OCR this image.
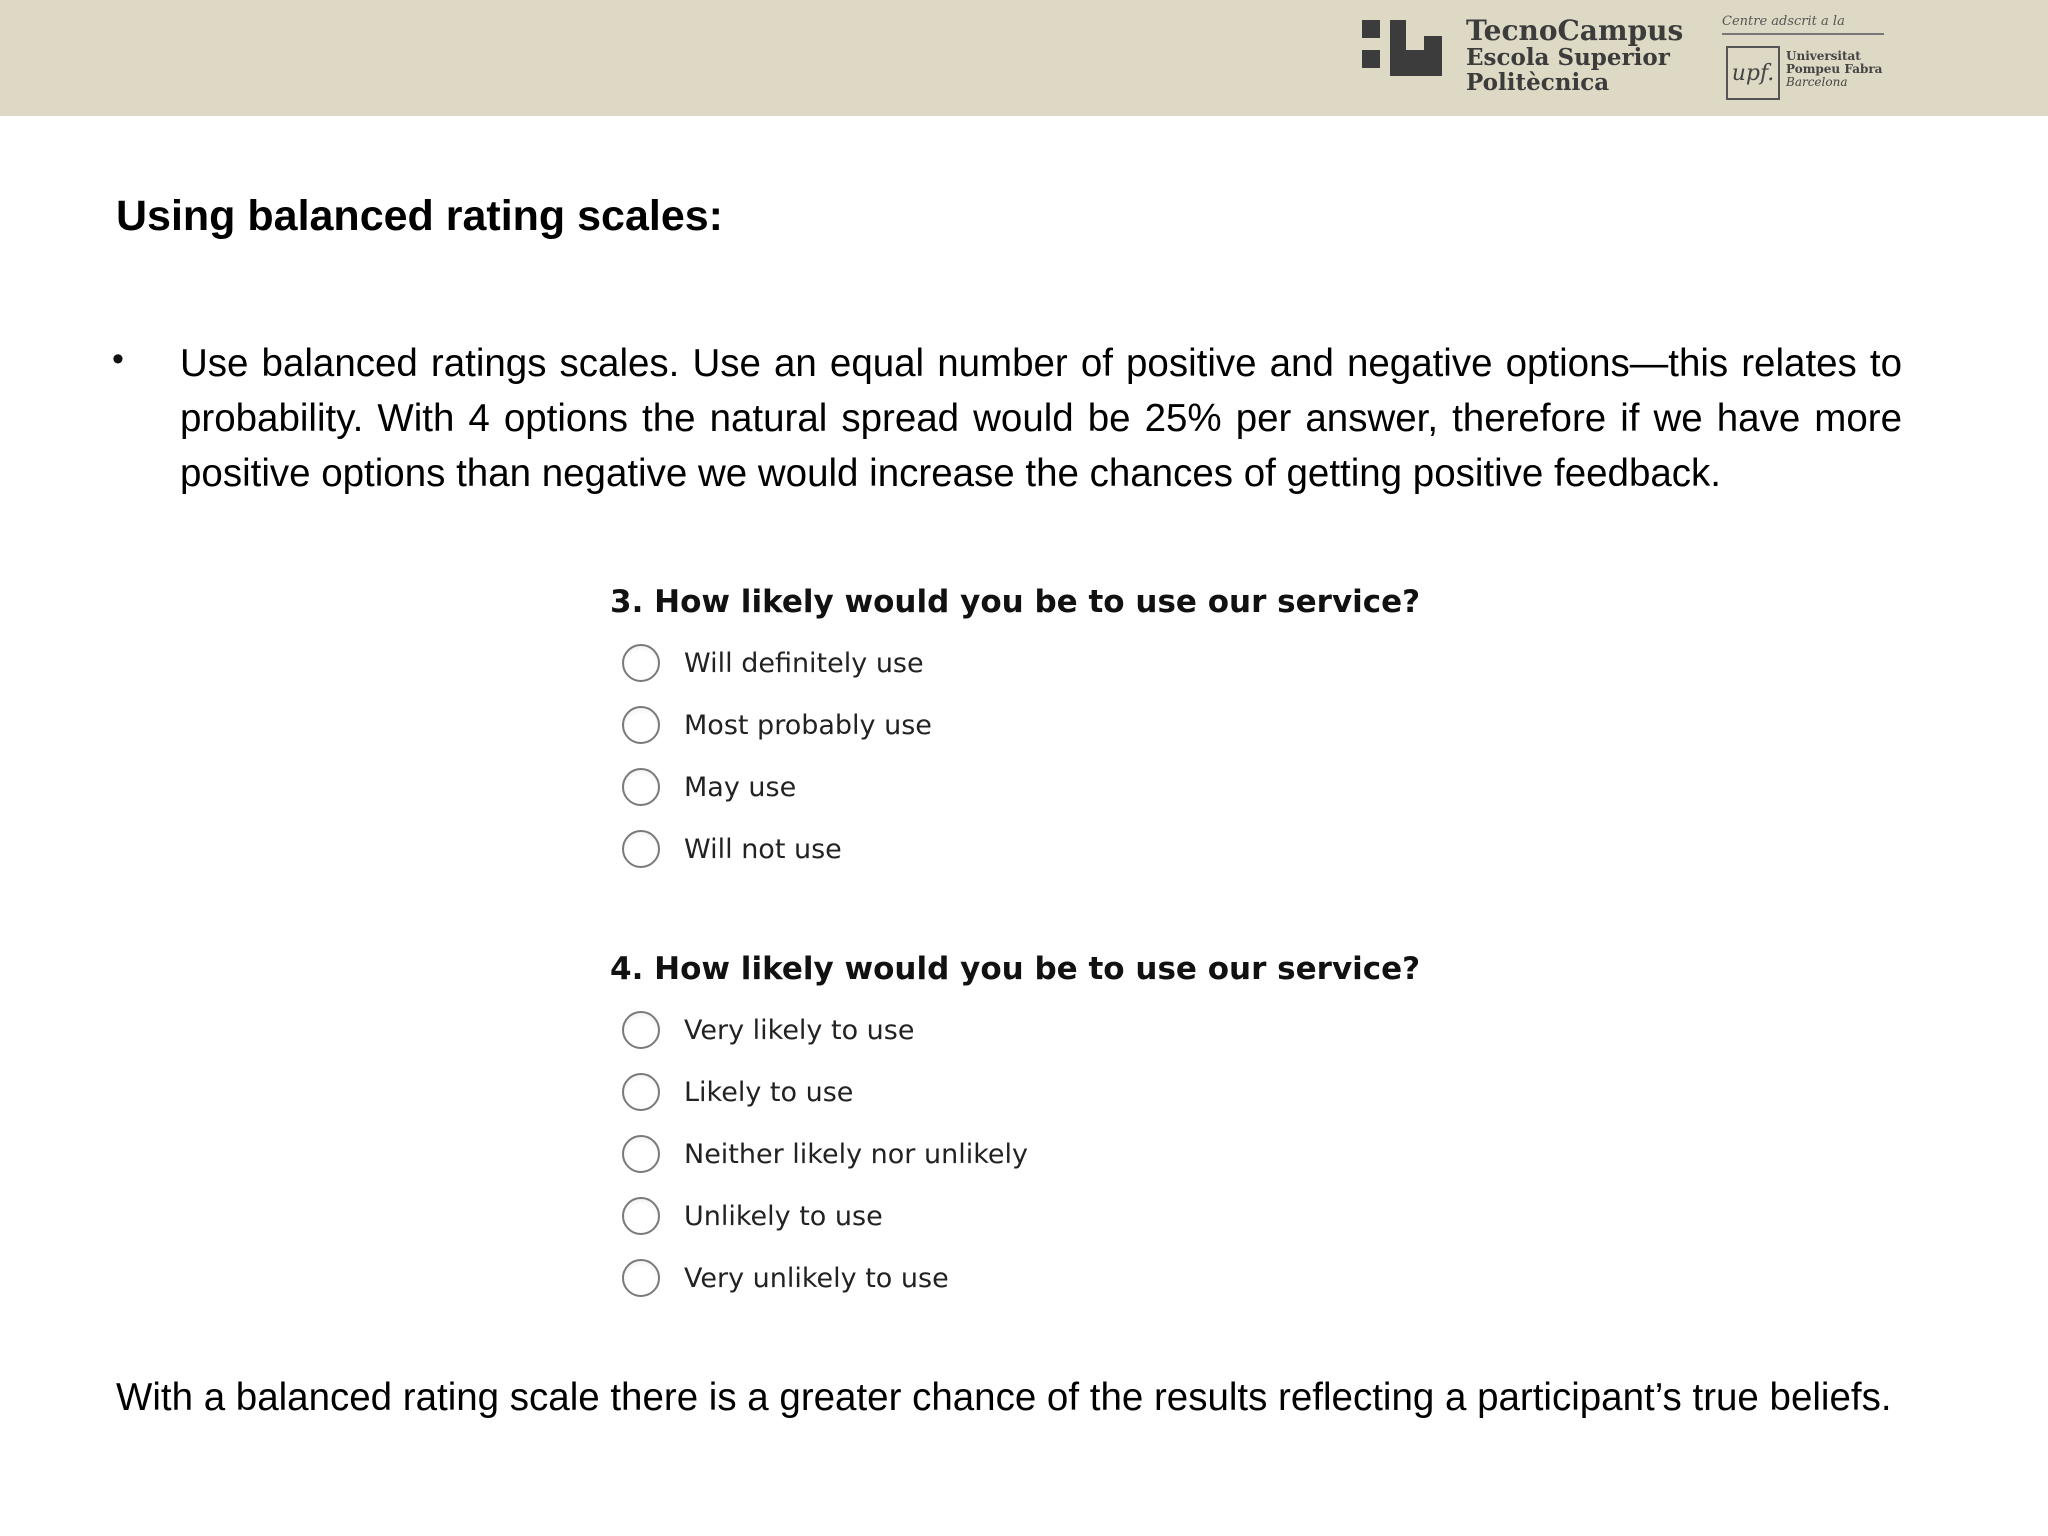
TecnoCampus
Escola Superior
Politècnica
Centre adscrit a la
upf.
Universitat
Pompeu Fabra
Barcelona
Using balanced rating scales:
• Use balanced ratings scales. Use an equal number of positive and negative options—this relates to probability. With 4 options the natural spread would be 25% per answer, therefore if we have more positive options than negative we would increase the chances of getting positive feedback.

3. How likely would you be to use our service?
Will definitely use
Most probably use
May use
Will not use
4. How likely would you be to use our service?
Very likely to use
Likely to use
Neither likely nor unlikely
Unlikely to use
Very unlikely to use

With a balanced rating scale there is a greater chance of the results reflecting a participant’s true beliefs.
